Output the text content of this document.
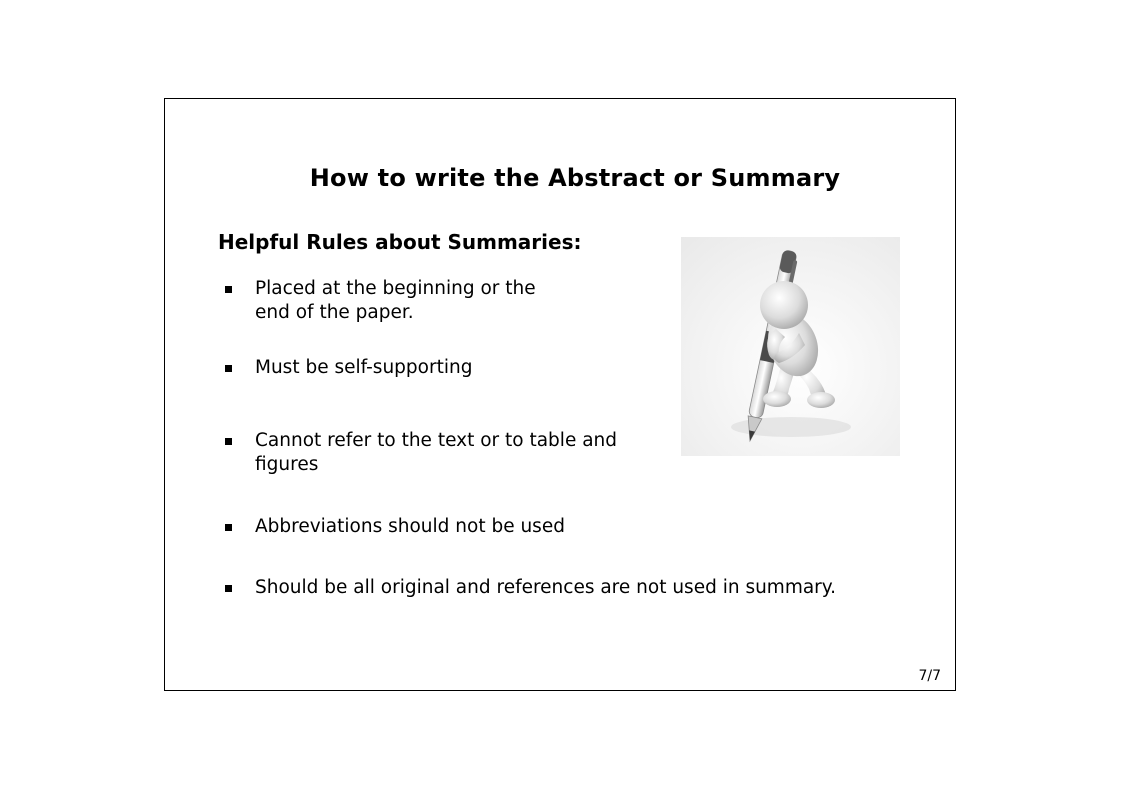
How to write the Abstract or Summary
Helpful Rules about Summaries:
Placed at the beginning or the
end of the paper.
Must be self-supporting
Cannot refer to the text or to table and
figures
Abbreviations should not be used
Should be all original and references are not used in summary.
7/7
